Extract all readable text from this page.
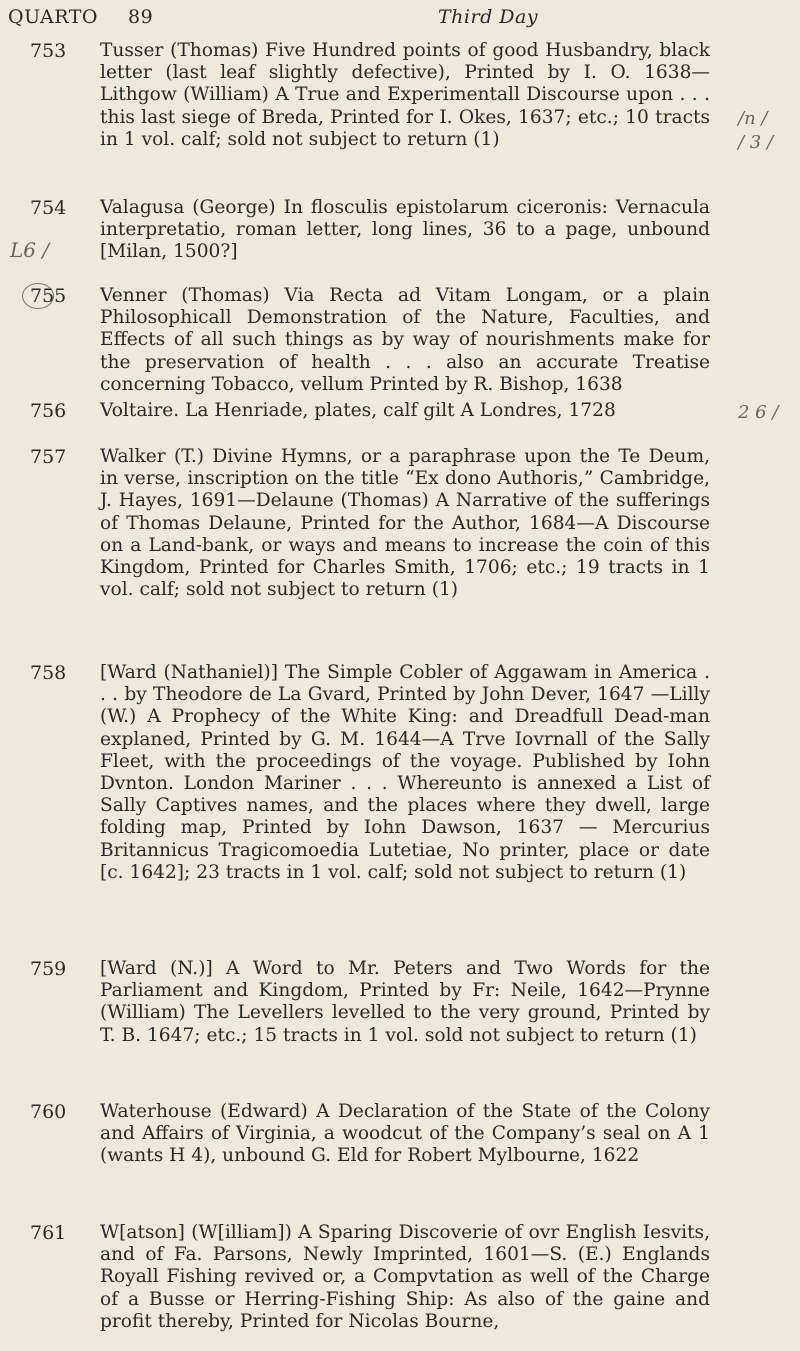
QUARTO 89	Third Day
753	Tusser (Thomas) Five Hundred points of good Husbandry, black letter (last leaf slightly defective), Printed by I. O. 1638—Lithgow (William) A True and Experimentall Discourse upon . . . this last siege of Breda, Printed for I. Okes, 1637; etc.; 10 tracts in 1 vol. calf; sold not subject to return (1)
754	Valagusa (George) In flosculis epistolarum ciceronis: Vernacula interpretatio, roman letter, long lines, 36 to a page, unbound [Milan, 1500?]
755	Venner (Thomas) Via Recta ad Vitam Longam, or a plain Philosophicall Demonstration of the Nature, Faculties, and Effects of all such things as by way of nourishments make for the preservation of health . . . also an accurate Treatise concerning Tobacco, vellum Printed by R. Bishop, 1638
756	Voltaire. La Henriade, plates, calf gilt A Londres, 1728
757	Walker (T.) Divine Hymns, or a paraphrase upon the Te Deum, in verse, inscription on the title “Ex dono Authoris,” Cambridge, J. Hayes, 1691—Delaune (Thomas) A Narrative of the sufferings of Thomas Delaune, Printed for the Author, 1684—A Discourse on a Land-bank, or ways and means to increase the coin of this Kingdom, Printed for Charles Smith, 1706; etc.; 19 tracts in 1 vol. calf; sold not subject to return (1)
758	[Ward (Nathaniel)] The Simple Cobler of Aggawam in America . . . by Theodore de La Gvard, Printed by John Dever, 1647 —Lilly (W.) A Prophecy of the White King: and Dreadfull Dead-man explaned, Printed by G. M. 1644—A Trve Iovrnall of the Sally Fleet, with the proceedings of the voyage. Published by Iohn Dvnton. London Mariner . . . Whereunto is annexed a List of Sally Captives names, and the places where they dwell, large folding map, Printed by Iohn Dawson, 1637 — Mercurius Britannicus Tragicomoedia Lutetiae, No printer, place or date [c. 1642]; 23 tracts in 1 vol. calf; sold not subject to return (1)
759	[Ward (N.)] A Word to Mr. Peters and Two Words for the Parliament and Kingdom, Printed by Fr: Neile, 1642—Prynne (William) The Levellers levelled to the very ground, Printed by T. B. 1647; etc.; 15 tracts in 1 vol. sold not subject to return (1)
760	Waterhouse (Edward) A Declaration of the State of the Colony and Affairs of Virginia, a woodcut of the Company’s seal on A 1 (wants H 4), unbound G. Eld for Robert Mylbourne, 1622
761	W[atson] (W[illiam]) A Sparing Discoverie of ovr English Iesvits, and of Fa. Parsons, Newly Imprinted, 1601—S. (E.) Englands Royall Fishing revived or, a Compvtation as well of the Charge of a Busse or Herring-Fishing Ship: As also of the gaine and profit thereby, Printed for Nicolas Bourne,
/n /
/ 3 /
L6 /
2 6 /
